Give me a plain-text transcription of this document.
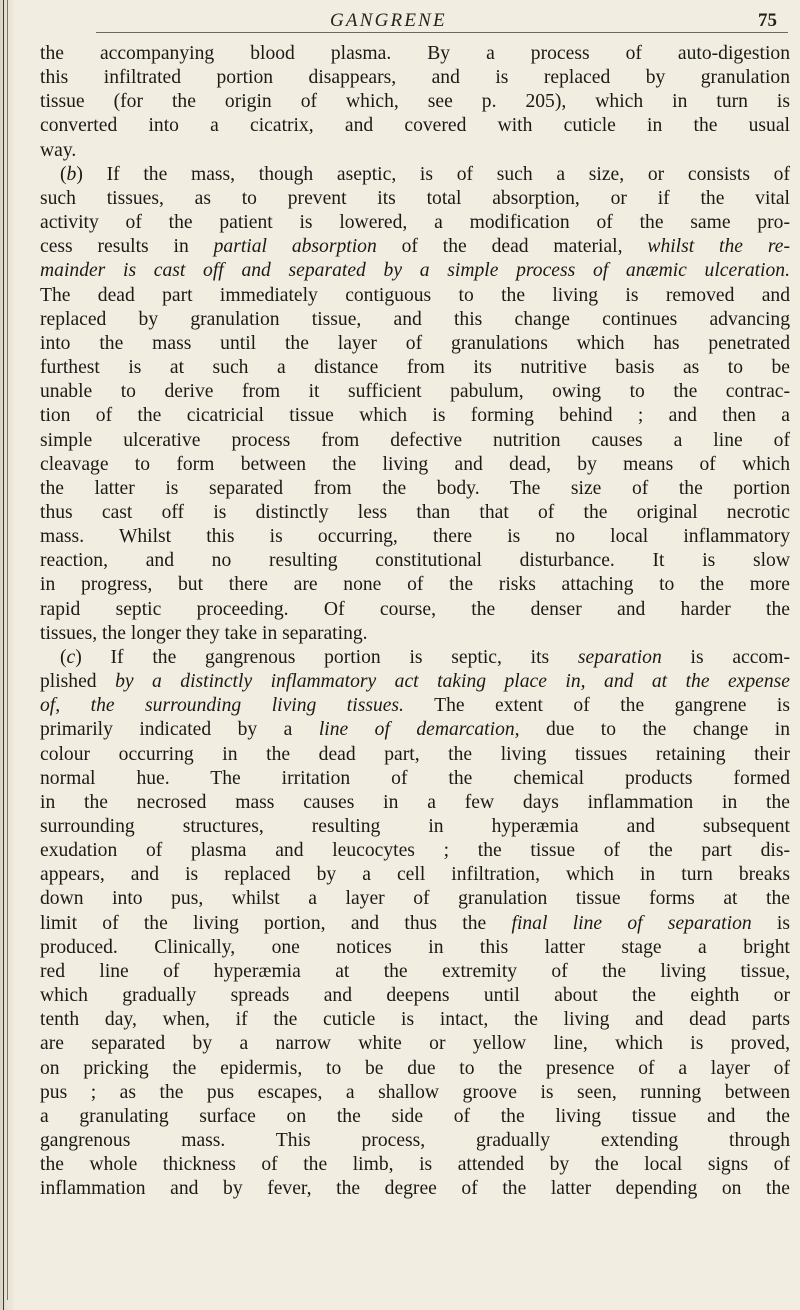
GANGRENE	75
the accompanying blood plasma. By a process of auto-digestion
this infiltrated portion disappears, and is replaced by granulation
tissue (for the origin of which, see p. 205), which in turn is
converted into a cicatrix, and covered with cuticle in the usual
way.
(b) If the mass, though aseptic, is of such a size, or consists of
such tissues, as to prevent its total absorption, or if the vital
activity of the patient is lowered, a modification of the same pro-
cess results in partial absorption of the dead material, whilst the re-
mainder is cast off and separated by a simple process of anæmic ulceration.
The dead part immediately contiguous to the living is removed and
replaced by granulation tissue, and this change continues advancing
into the mass until the layer of granulations which has penetrated
furthest is at such a distance from its nutritive basis as to be
unable to derive from it sufficient pabulum, owing to the contrac-
tion of the cicatricial tissue which is forming behind ; and then a
simple ulcerative process from defective nutrition causes a line of
cleavage to form between the living and dead, by means of which
the latter is separated from the body. The size of the portion
thus cast off is distinctly less than that of the original necrotic
mass. Whilst this is occurring, there is no local inflammatory
reaction, and no resulting constitutional disturbance. It is slow
in progress, but there are none of the risks attaching to the more
rapid septic proceeding. Of course, the denser and harder the
tissues, the longer they take in separating.
(c) If the gangrenous portion is septic, its separation is accom-
plished by a distinctly inflammatory act taking place in, and at the expense
of, the surrounding living tissues. The extent of the gangrene is
primarily indicated by a line of demarcation, due to the change in
colour occurring in the dead part, the living tissues retaining their
normal hue. The irritation of the chemical products formed
in the necrosed mass causes in a few days inflammation in the
surrounding structures, resulting in hyperæmia and subsequent
exudation of plasma and leucocytes ; the tissue of the part dis-
appears, and is replaced by a cell infiltration, which in turn breaks
down into pus, whilst a layer of granulation tissue forms at the
limit of the living portion, and thus the final line of separation is
produced. Clinically, one notices in this latter stage a bright
red line of hyperæmia at the extremity of the living tissue,
which gradually spreads and deepens until about the eighth or
tenth day, when, if the cuticle is intact, the living and dead parts
are separated by a narrow white or yellow line, which is proved,
on pricking the epidermis, to be due to the presence of a layer of
pus ; as the pus escapes, a shallow groove is seen, running between
a granulating surface on the side of the living tissue and the
gangrenous mass. This process, gradually extending through
the whole thickness of the limb, is attended by the local signs of
inflammation and by fever, the degree of the latter depending on the
